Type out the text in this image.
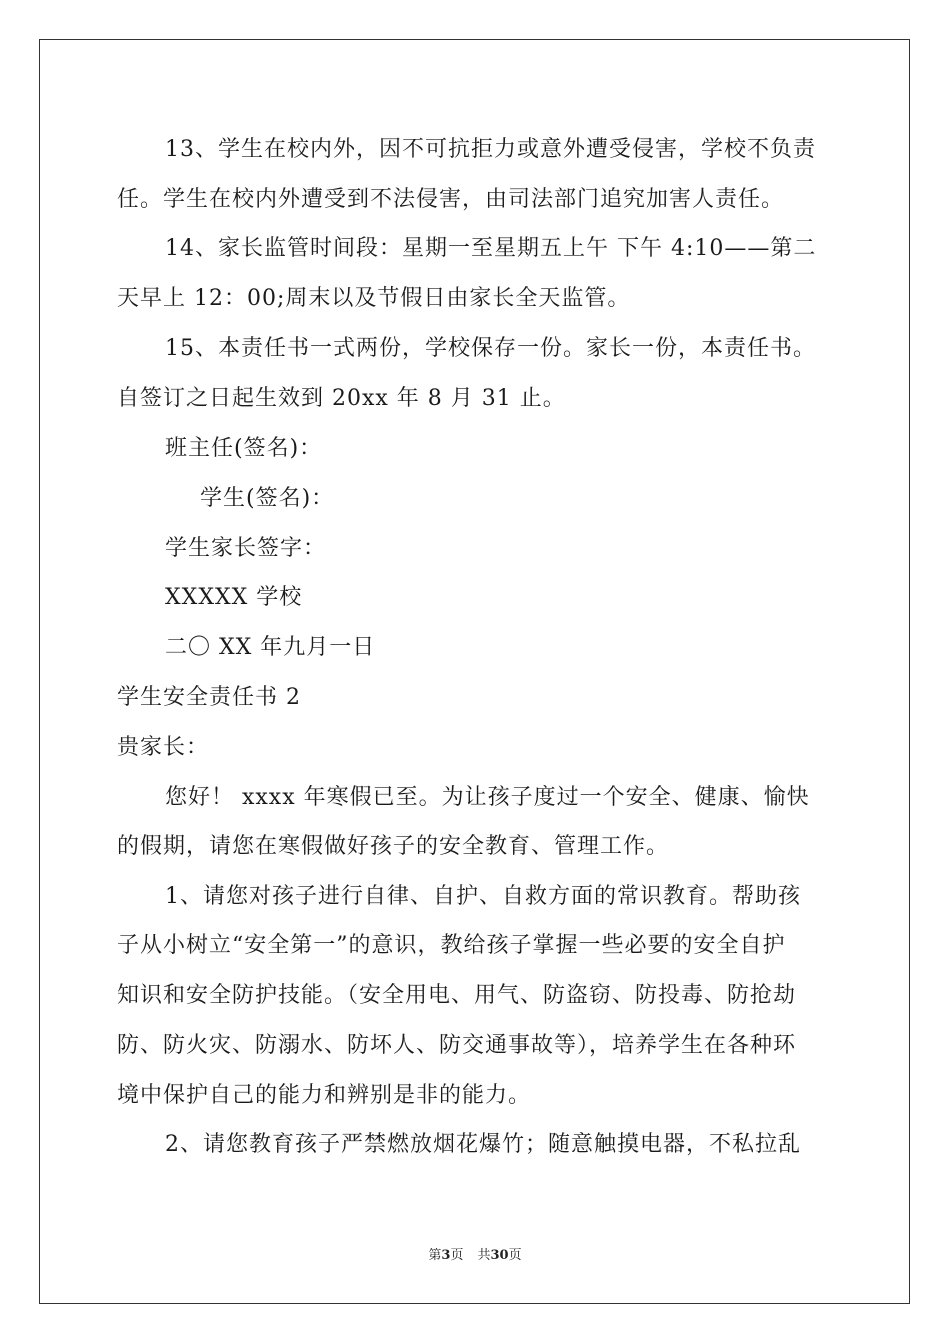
13、学生在校内外，因不可抗拒力或意外遭受侵害，学校不负责
任。学生在校内外遭受到不法侵害，由司法部门追究加害人责任。
14、家长监管时间段：星期一至星期五上午 下午 4:10——第二
天早上 12：00;周末以及节假日由家长全天监管。
15、本责任书一式两份，学校保存一份。家长一份，本责任书。
自签订之日起生效到 20xx 年 8 月 31 止。
班主任(签名)：
学生(签名)：
学生家长签字：
XXXXX 学校
二〇 XX 年九月一日
学生安全责任书 2
贵家长：
您好！ xxxx 年寒假已至。为让孩子度过一个安全、健康、愉快
的假期，请您在寒假做好孩子的安全教育、管理工作。
1、请您对孩子进行自律、自护、自救方面的常识教育。帮助孩
子从小树立“安全第一”的意识，教给孩子掌握一些必要的安全自护
知识和安全防护技能。（安全用电、用气、防盗窃、防投毒、防抢劫
防、防火灾、防溺水、防坏人、防交通事故等），培养学生在各种环
境中保护自己的能力和辨别是非的能力。
2、请您教育孩子严禁燃放烟花爆竹；随意触摸电器，不私拉乱
第3页 共30页
